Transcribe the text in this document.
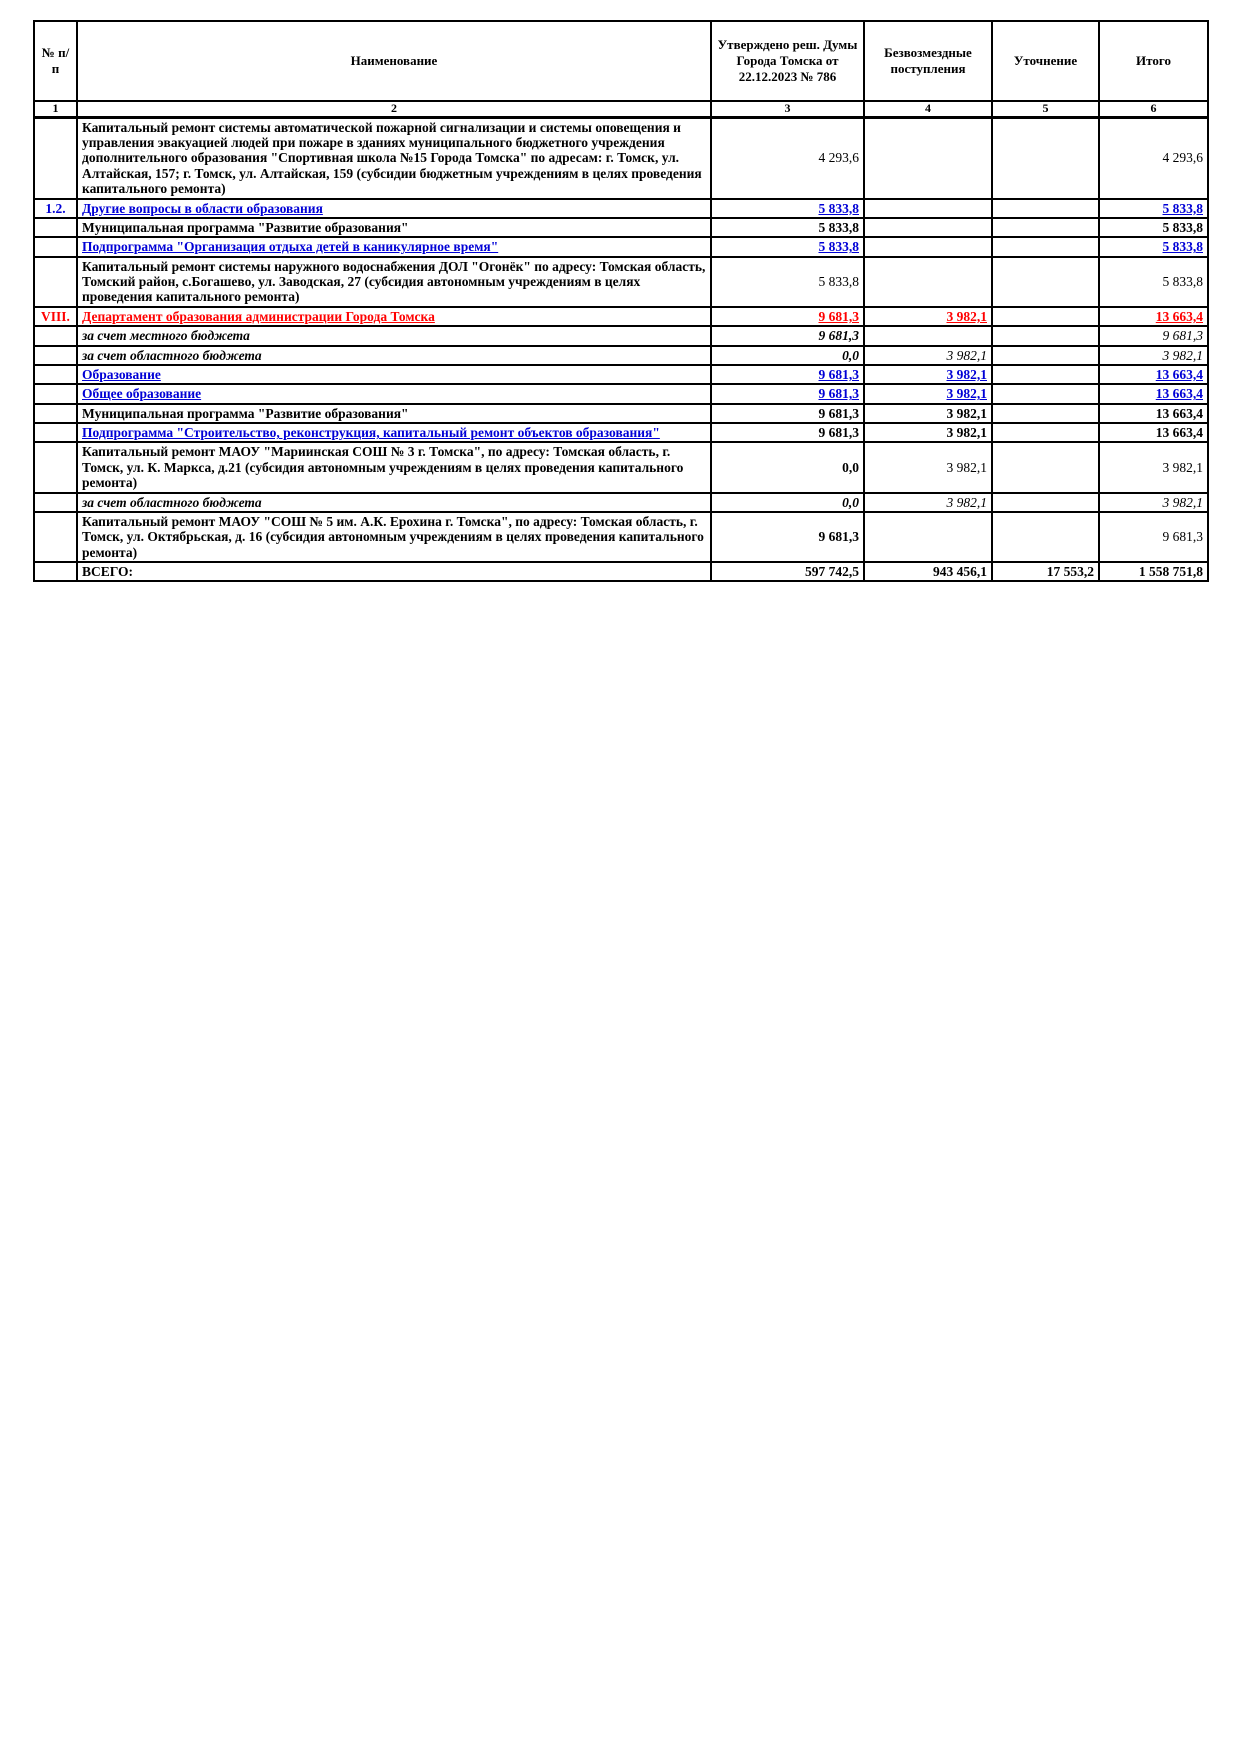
№ п/п	Наименование	Утверждено реш. Думы Города Томска от 22.12.2023 № 786	Безвозмездные поступления	Уточнение	Итого
1	2	3	4	5	6
	Капитальный ремонт системы автоматической пожарной сигнализации и системы оповещения и управления эвакуацией людей при пожаре в зданиях муниципального бюджетного учреждения дополнительного образования "Спортивная школа №15 Города Томска" по адресам: г. Томск, ул. Алтайская, 157; г. Томск, ул. Алтайская, 159 (субсидии бюджетным учреждениям в целях проведения капитального ремонта)	4 293,6			4 293,6
1.2.	Другие вопросы в области образования	5 833,8			5 833,8
	Муниципальная программа "Развитие образования"	5 833,8			5 833,8
	Подпрограмма "Организация отдыха детей в каникулярное время"	5 833,8			5 833,8
	Капитальный ремонт системы наружного водоснабжения ДОЛ "Огонёк" по адресу: Томская область, Томский район, с.Богашево, ул. Заводская, 27 (субсидия автономным учреждениям в целях проведения капитального ремонта)	5 833,8			5 833,8
VIII.	Департамент образования администрации Города Томска	9 681,3	3 982,1		13 663,4
	за счет местного бюджета	9 681,3			9 681,3
	за счет областного бюджета	0,0	3 982,1		3 982,1
	Образование	9 681,3	3 982,1		13 663,4
	Общее образование	9 681,3	3 982,1		13 663,4
	Муниципальная программа "Развитие образования"	9 681,3	3 982,1		13 663,4
	Подпрограмма "Строительство, реконструкция, капитальный ремонт объектов образования"	9 681,3	3 982,1		13 663,4
	Капитальный ремонт МАОУ "Мариинская СОШ № 3 г. Томска", по адресу: Томская область, г. Томск, ул. К. Маркса, д.21 (субсидия автономным учреждениям в целях проведения капитального ремонта)	0,0	3 982,1		3 982,1
	за счет областного бюджета	0,0	3 982,1		3 982,1
	Капитальный ремонт МАОУ "СОШ № 5 им. А.К. Ерохина г. Томска", по адресу: Томская область, г. Томск, ул. Октябрьская, д. 16 (субсидия автономным учреждениям в целях проведения капитального ремонта)	9 681,3			9 681,3
	ВСЕГО:	597 742,5	943 456,1	17 553,2	1 558 751,8
